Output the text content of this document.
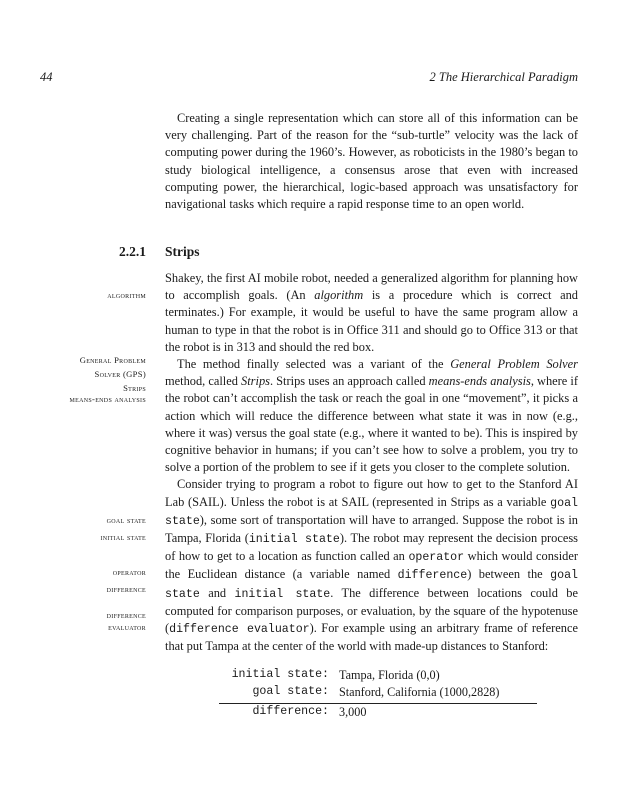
44	2 The Hierarchical Paradigm
Creating a single representation which can store all of this information can be very challenging. Part of the reason for the “sub-turtle” velocity was the lack of computing power during the 1960’s. However, as roboticists in the 1980’s began to study biological intelligence, a consensus arose that even with increased computing power, the hierarchical, logic-based approach was unsatisfactory for navigational tasks which require a rapid response time to an open world.
2.2.1 Strips

Shakey, the first AI mobile robot, needed a generalized algorithm for planning how to accomplish goals. (An algorithm is a procedure which is correct and terminates.) For example, it would be useful to have the same program allow a human to type in that the robot is in Office 311 and should go to Office 313 or that the robot is in 313 and should the red box.

The method finally selected was a variant of the General Problem Solver method, called Strips. Strips uses an approach called means-ends analysis, where if the robot can’t accomplish the task or reach the goal in one “movement”, it picks a action which will reduce the difference between what state it was in now (e.g., where it was) versus the goal state (e.g., where it wanted to be). This is inspired by cognitive behavior in humans; if you can’t see how to solve a problem, you try to solve a portion of the problem to see if it gets you closer to the complete solution.

Consider trying to program a robot to figure out how to get to the Stanford AI Lab (SAIL). Unless the robot is at SAIL (represented in Strips as a variable goal state), some sort of transportation will have to arranged. Suppose the robot is in Tampa, Florida (initial state). The robot may represent the decision process of how to get to a location as function called an operator which would consider the Euclidean distance (a variable named difference) between the goal state and initial state. The difference between locations could be computed for comparison purposes, or evaluation, by the square of the hypotenuse (difference evaluator). For example using an arbitrary frame of reference that put Tampa at the center of the world with made-up distances to Stanford:

algorithm
General Problem
Solver (GPS)
Strips
means-ends analysis
goal state
initial state
operator
difference
difference
evaluator
initial state: Tampa, Florida (0,0)
goal state: Stanford, California (1000,2828)
difference: 3,000
